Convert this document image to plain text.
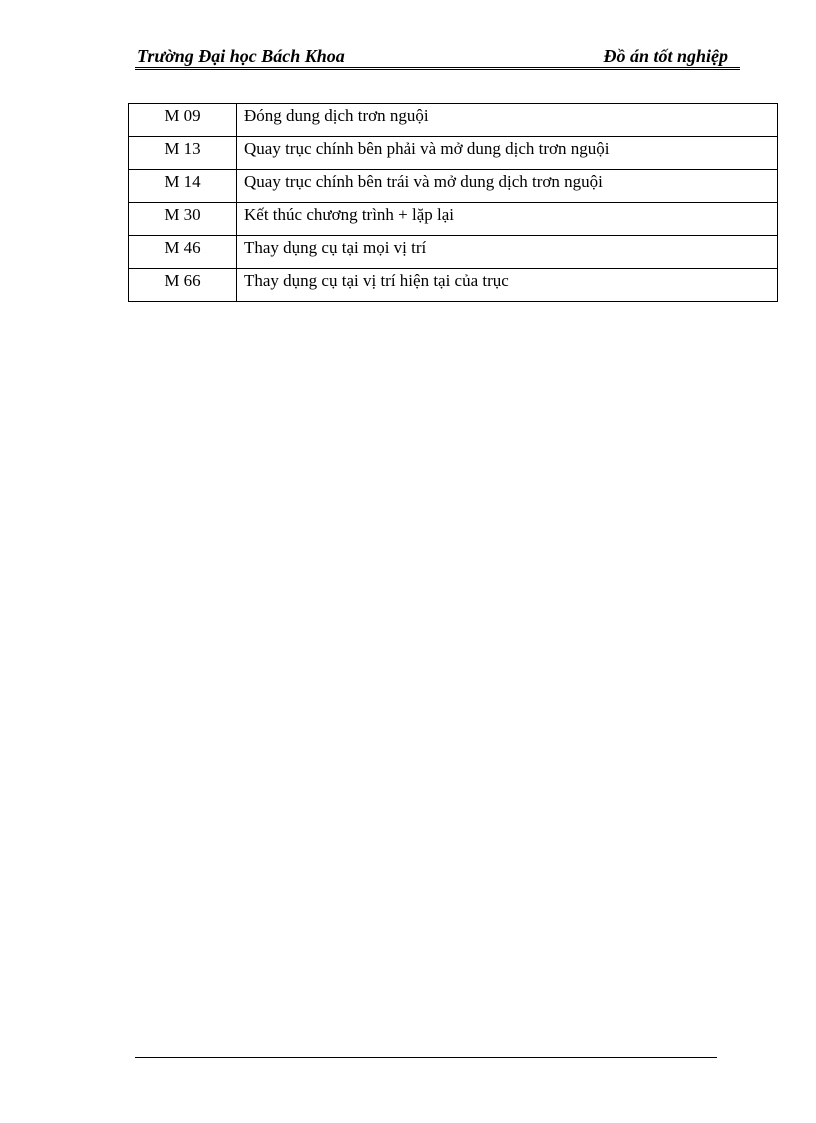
Trường Đại học Bách Khoa	Đồ án tốt nghiệp
M 09	Đóng dung dịch trơn nguội
M 13	Quay trục chính bên phải và mở dung dịch trơn nguội
M 14	Quay trục chính bên trái và mở dung dịch trơn nguội
M 30	Kết thúc chương trình + lặp lại
M 46	Thay dụng cụ tại mọi vị trí
M 66	Thay dụng cụ tại vị trí hiện tại của trục
